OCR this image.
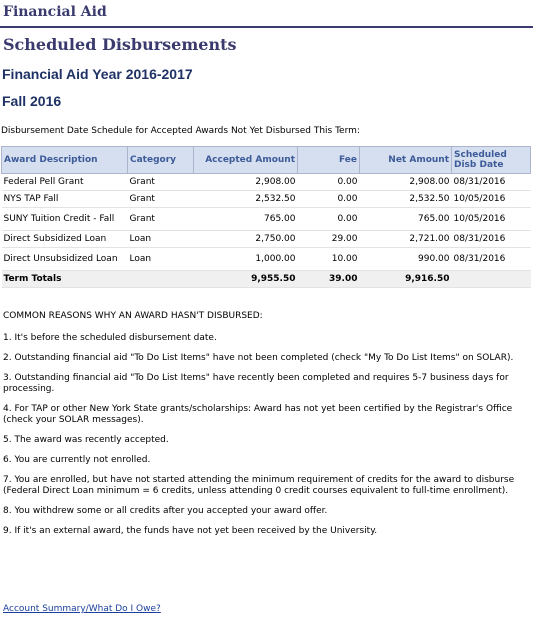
Financial Aid
Scheduled Disbursements
Financial Aid Year 2016-2017
Fall 2016
Disbursement Date Schedule for Accepted Awards Not Yet Disbursed This Term:
Award Description	Category	Accepted Amount	Fee	Net Amount	Scheduled Disb Date
Federal Pell Grant	Grant	2,908.00	0.00	2,908.00	08/31/2016
NYS TAP Fall	Grant	2,532.50	0.00	2,532.50	10/05/2016
SUNY Tuition Credit - Fall	Grant	765.00	0.00	765.00	10/05/2016
Direct Subsidized Loan	Loan	2,750.00	29.00	2,721.00	08/31/2016
Direct Unsubsidized Loan	Loan	1,000.00	10.00	990.00	08/31/2016
Term Totals		9,955.50	39.00	9,916.50	

COMMON REASONS WHY AN AWARD HASN'T DISBURSED:

1. It's before the scheduled disbursement date.

2. Outstanding financial aid "To Do List Items" have not been completed (check "My To Do List Items" on SOLAR).

3. Outstanding financial aid "To Do List Items" have recently been completed and requires 5-7 business days for processing.

4. For TAP or other New York State grants/scholarships: Award has not yet been certified by the Registrar's Office (check your SOLAR messages).

5. The award was recently accepted.

6. You are currently not enrolled.

7. You are enrolled, but have not started attending the minimum requirement of credits for the award to disburse (Federal Direct Loan minimum = 6 credits, unless attending 0 credit courses equivalent to full-time enrollment).

8. You withdrew some or all credits after you accepted your award offer.

9. If it's an external award, the funds have not yet been received by the University.

Account Summary/What Do I Owe?
